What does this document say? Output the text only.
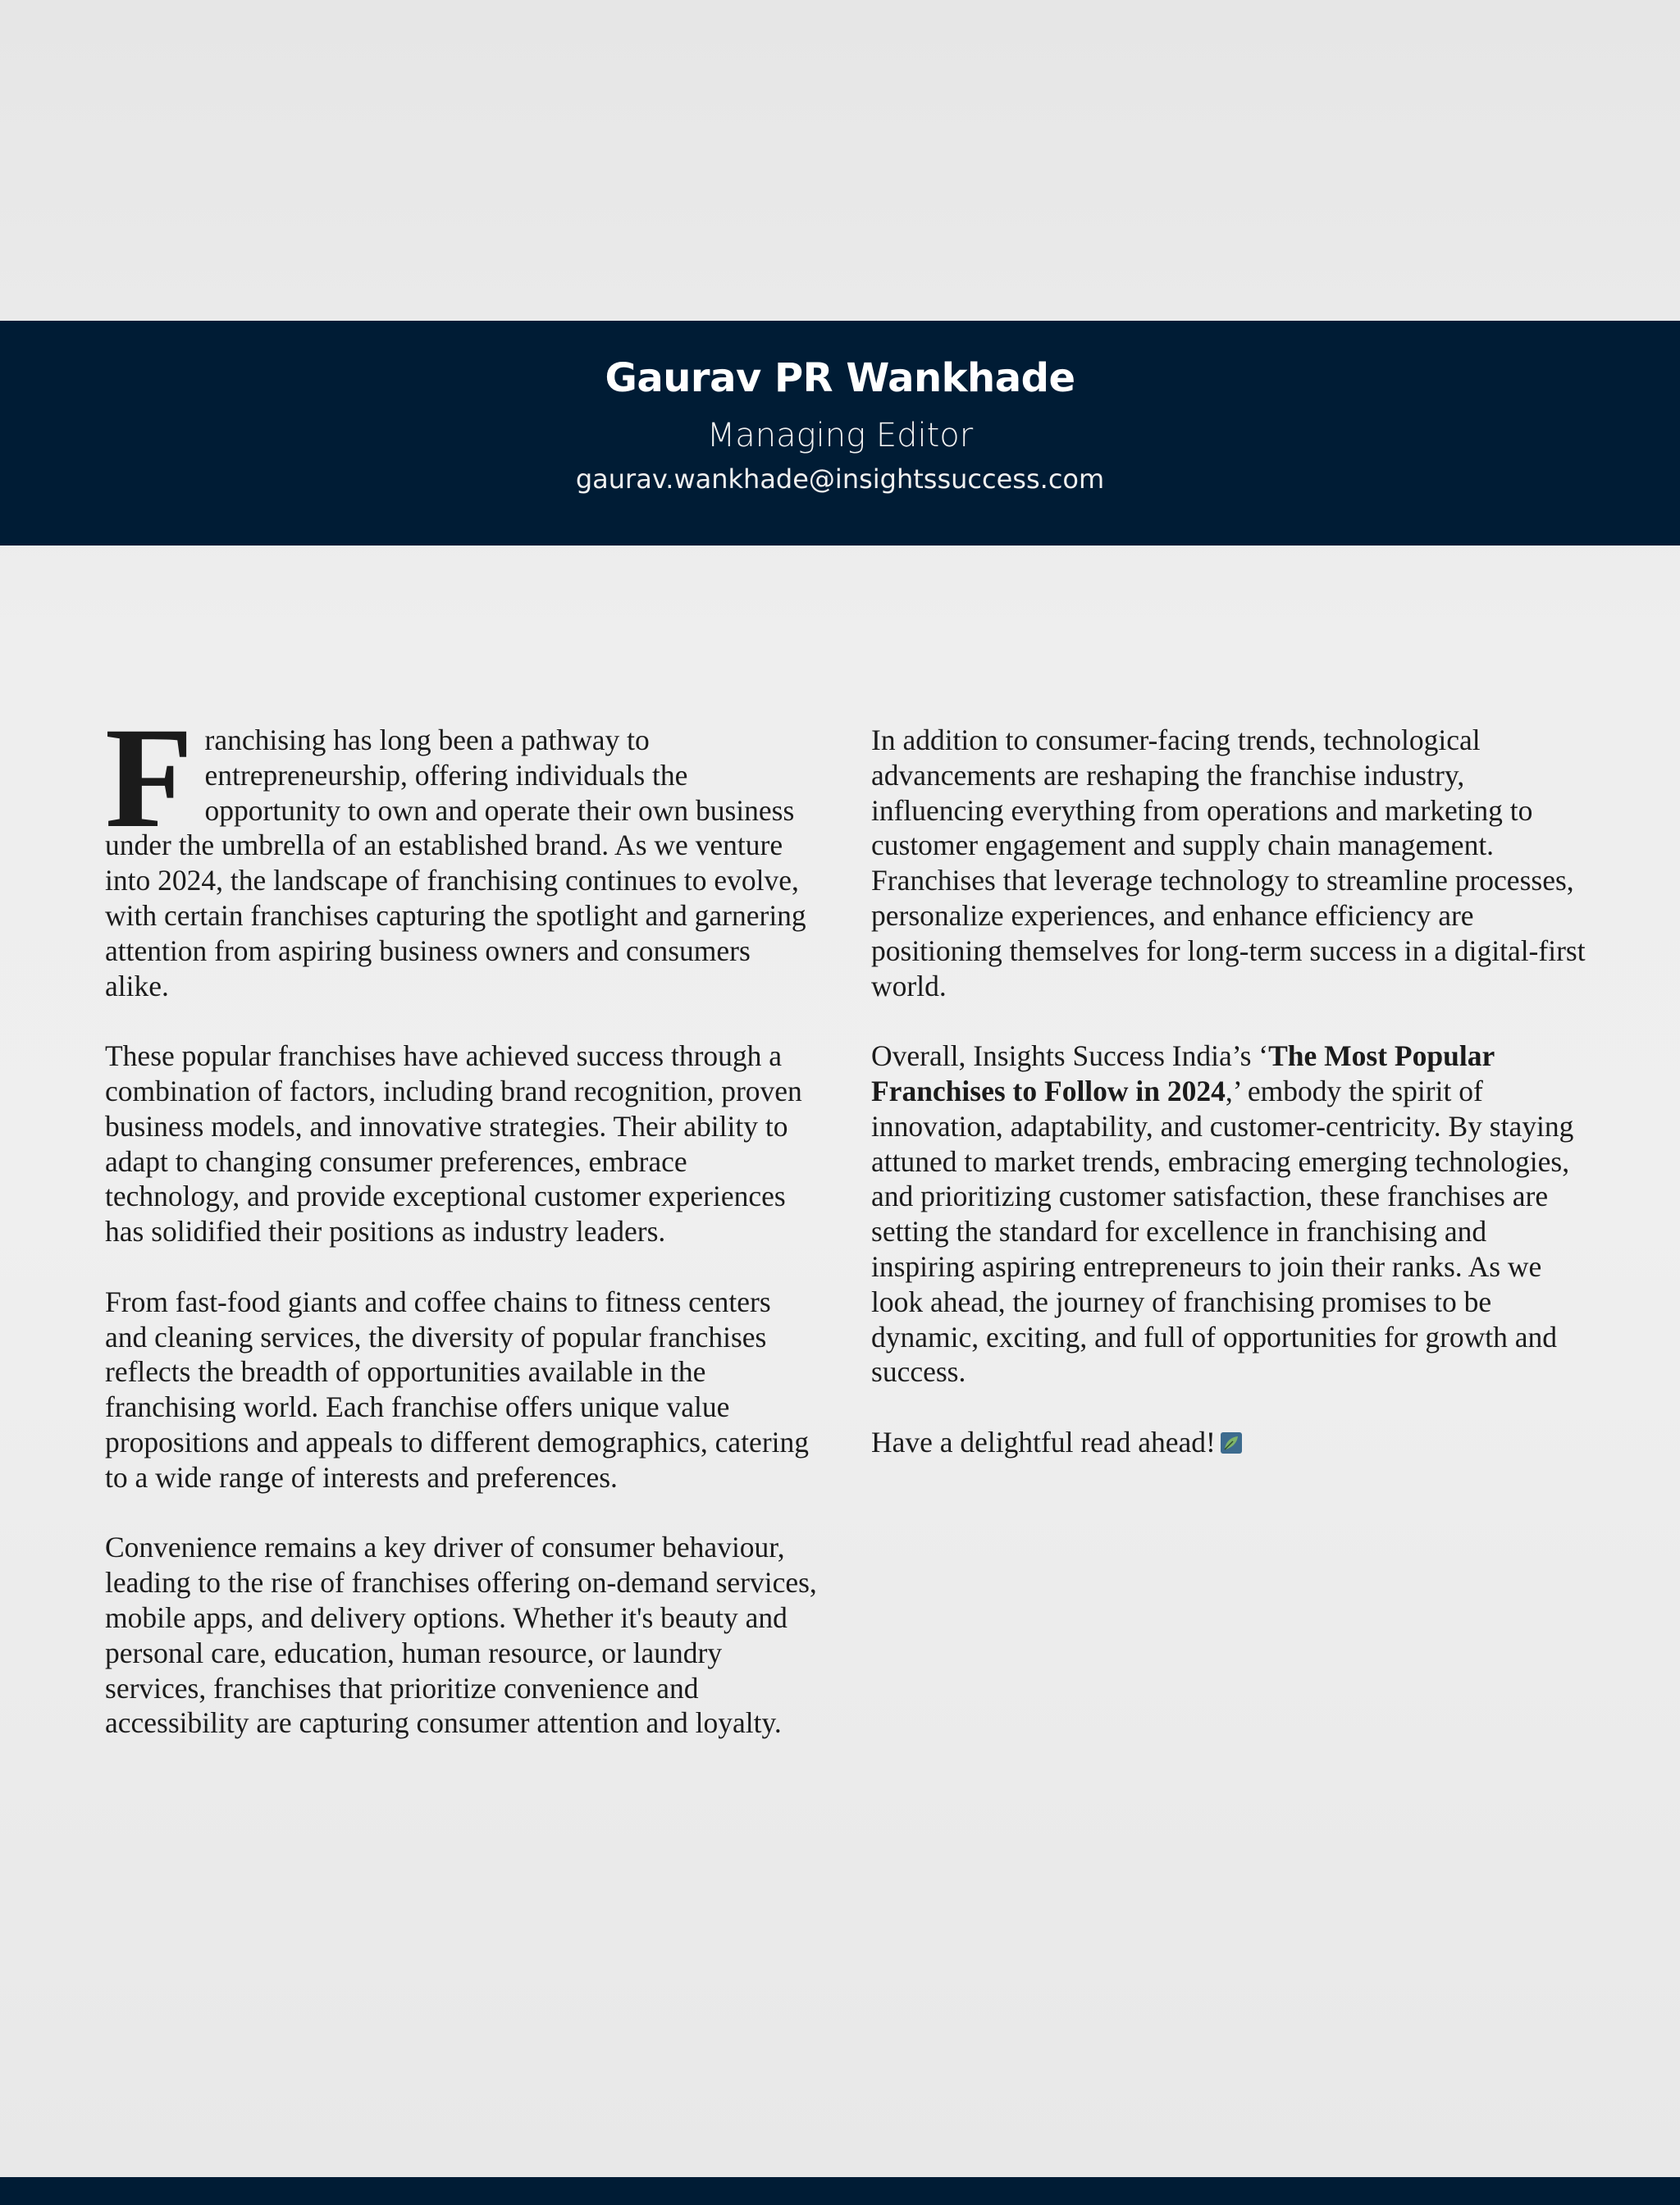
Gaurav PR Wankhade
Managing Editor
gaurav.wankhade@insightssuccess.com

Franchising has long been a pathway to entrepreneurship, offering individuals the opportunity to own and operate their own business under the umbrella of an established brand. As we venture into 2024, the landscape of franchising continues to evolve, with certain franchises capturing the spotlight and garnering attention from aspiring business owners and consumers alike.

These popular franchises have achieved success through a combination of factors, including brand recognition, proven business models, and innovative strategies. Their ability to adapt to changing consumer preferences, embrace technology, and provide exceptional customer experiences has solidified their positions as industry leaders.

From fast-food giants and coffee chains to fitness centers and cleaning services, the diversity of popular franchises reflects the breadth of opportunities available in the franchising world. Each franchise offers unique value propositions and appeals to different demographics, catering to a wide range of interests and preferences.

Convenience remains a key driver of consumer behaviour, leading to the rise of franchises offering on-demand services, mobile apps, and delivery options. Whether it's beauty and personal care, education, human resource, or laundry services, franchises that prioritize convenience and accessibility are capturing consumer attention and loyalty.

In addition to consumer-facing trends, technological advancements are reshaping the franchise industry, influencing everything from operations and marketing to customer engagement and supply chain management. Franchises that leverage technology to streamline processes, personalize experiences, and enhance efficiency are positioning themselves for long-term success in a digital-first world.

Overall, Insights Success India’s ‘The Most Popular Franchises to Follow in 2024,’ embody the spirit of innovation, adaptability, and customer-centricity. By staying attuned to market trends, embracing emerging technologies, and prioritizing customer satisfaction, these franchises are setting the standard for excellence in franchising and inspiring aspiring entrepreneurs to join their ranks. As we look ahead, the journey of franchising promises to be dynamic, exciting, and full of opportunities for growth and success.

Have a delightful read ahead!
